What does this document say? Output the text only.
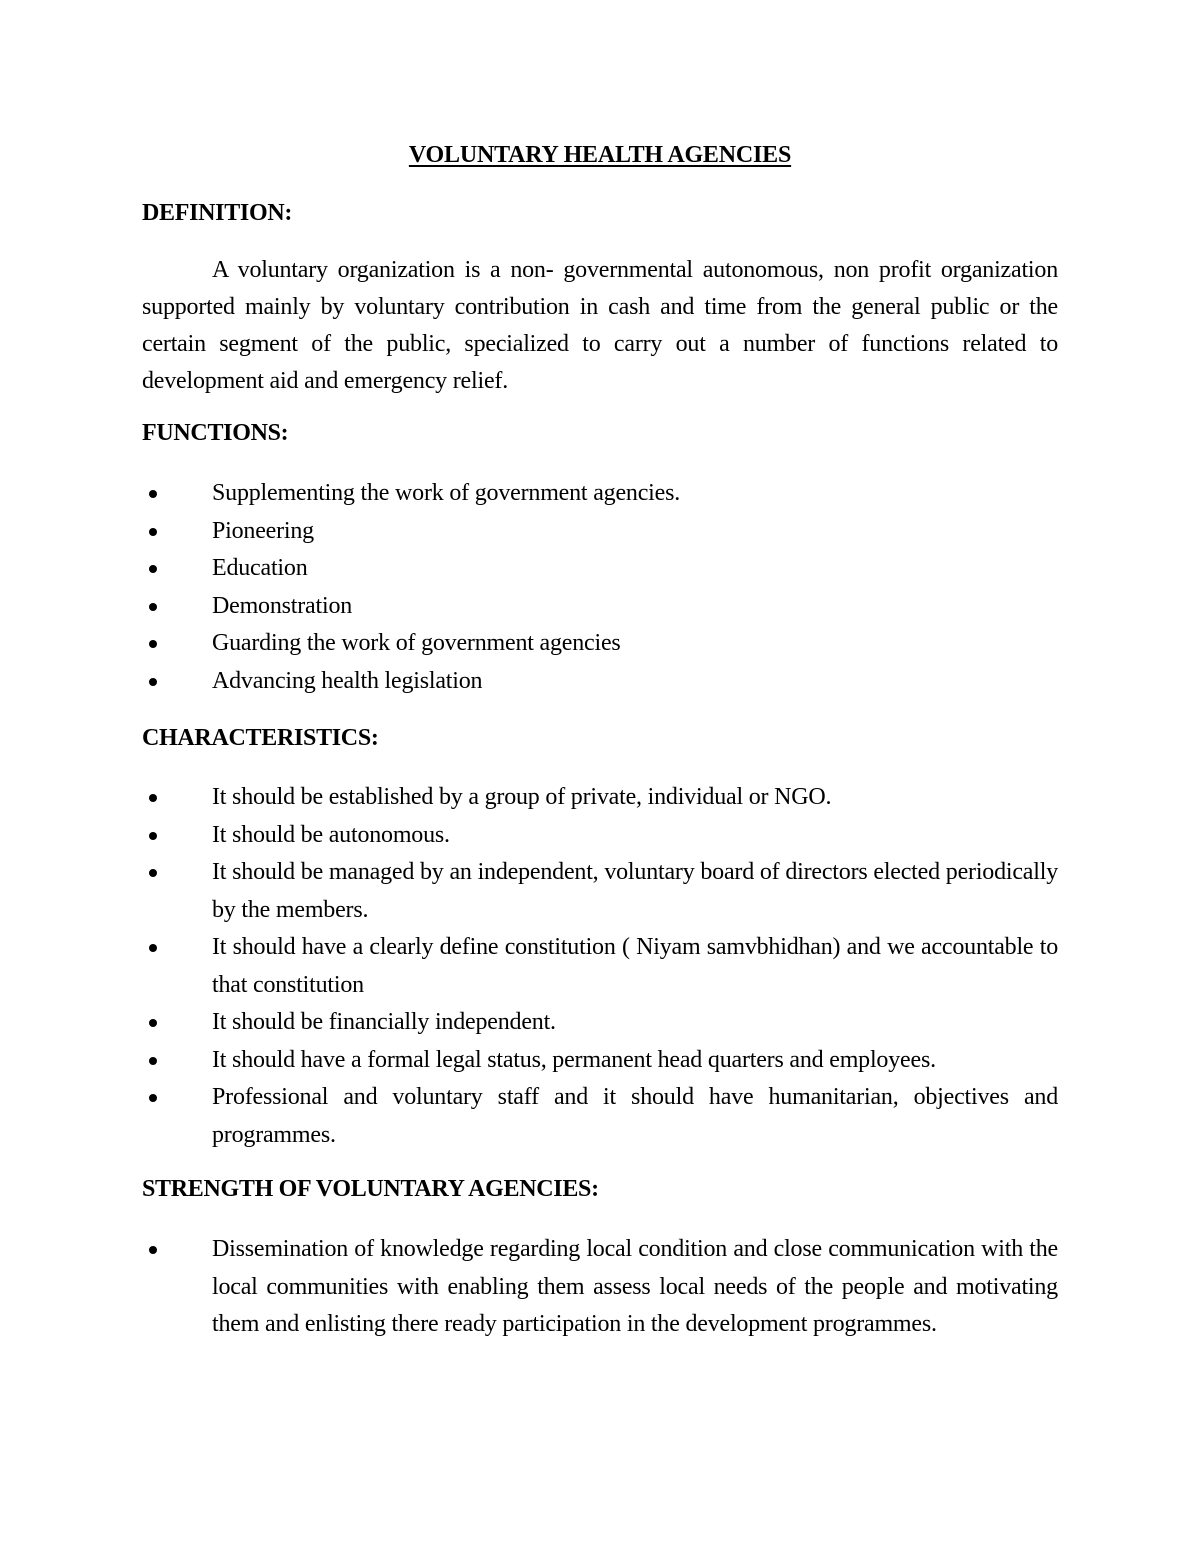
VOLUNTARY HEALTH AGENCIES
DEFINITION:
A voluntary organization is a non- governmental autonomous, non profit organization supported mainly by voluntary contribution in cash and time from the general public or the certain segment of the public, specialized to carry out a number of functions related to development aid and emergency relief.
FUNCTIONS:
Supplementing the work of government agencies.
Pioneering
Education
Demonstration
Guarding the work of government agencies
Advancing health legislation
CHARACTERISTICS:
It should be established by a group of private, individual or NGO.
It should be autonomous.
It should be managed by an independent, voluntary board of directors elected periodically by the members.
It should have a clearly define constitution ( Niyam samvbhidhan) and we accountable to that constitution
It should be financially independent.
It should have a formal legal status, permanent head quarters and employees.
Professional and voluntary staff and it should have humanitarian, objectives and programmes.
STRENGTH OF VOLUNTARY AGENCIES:
Dissemination of knowledge regarding local condition and close communication with the local communities with enabling them assess local needs of the people and motivating them and enlisting there ready participation in the development programmes.
